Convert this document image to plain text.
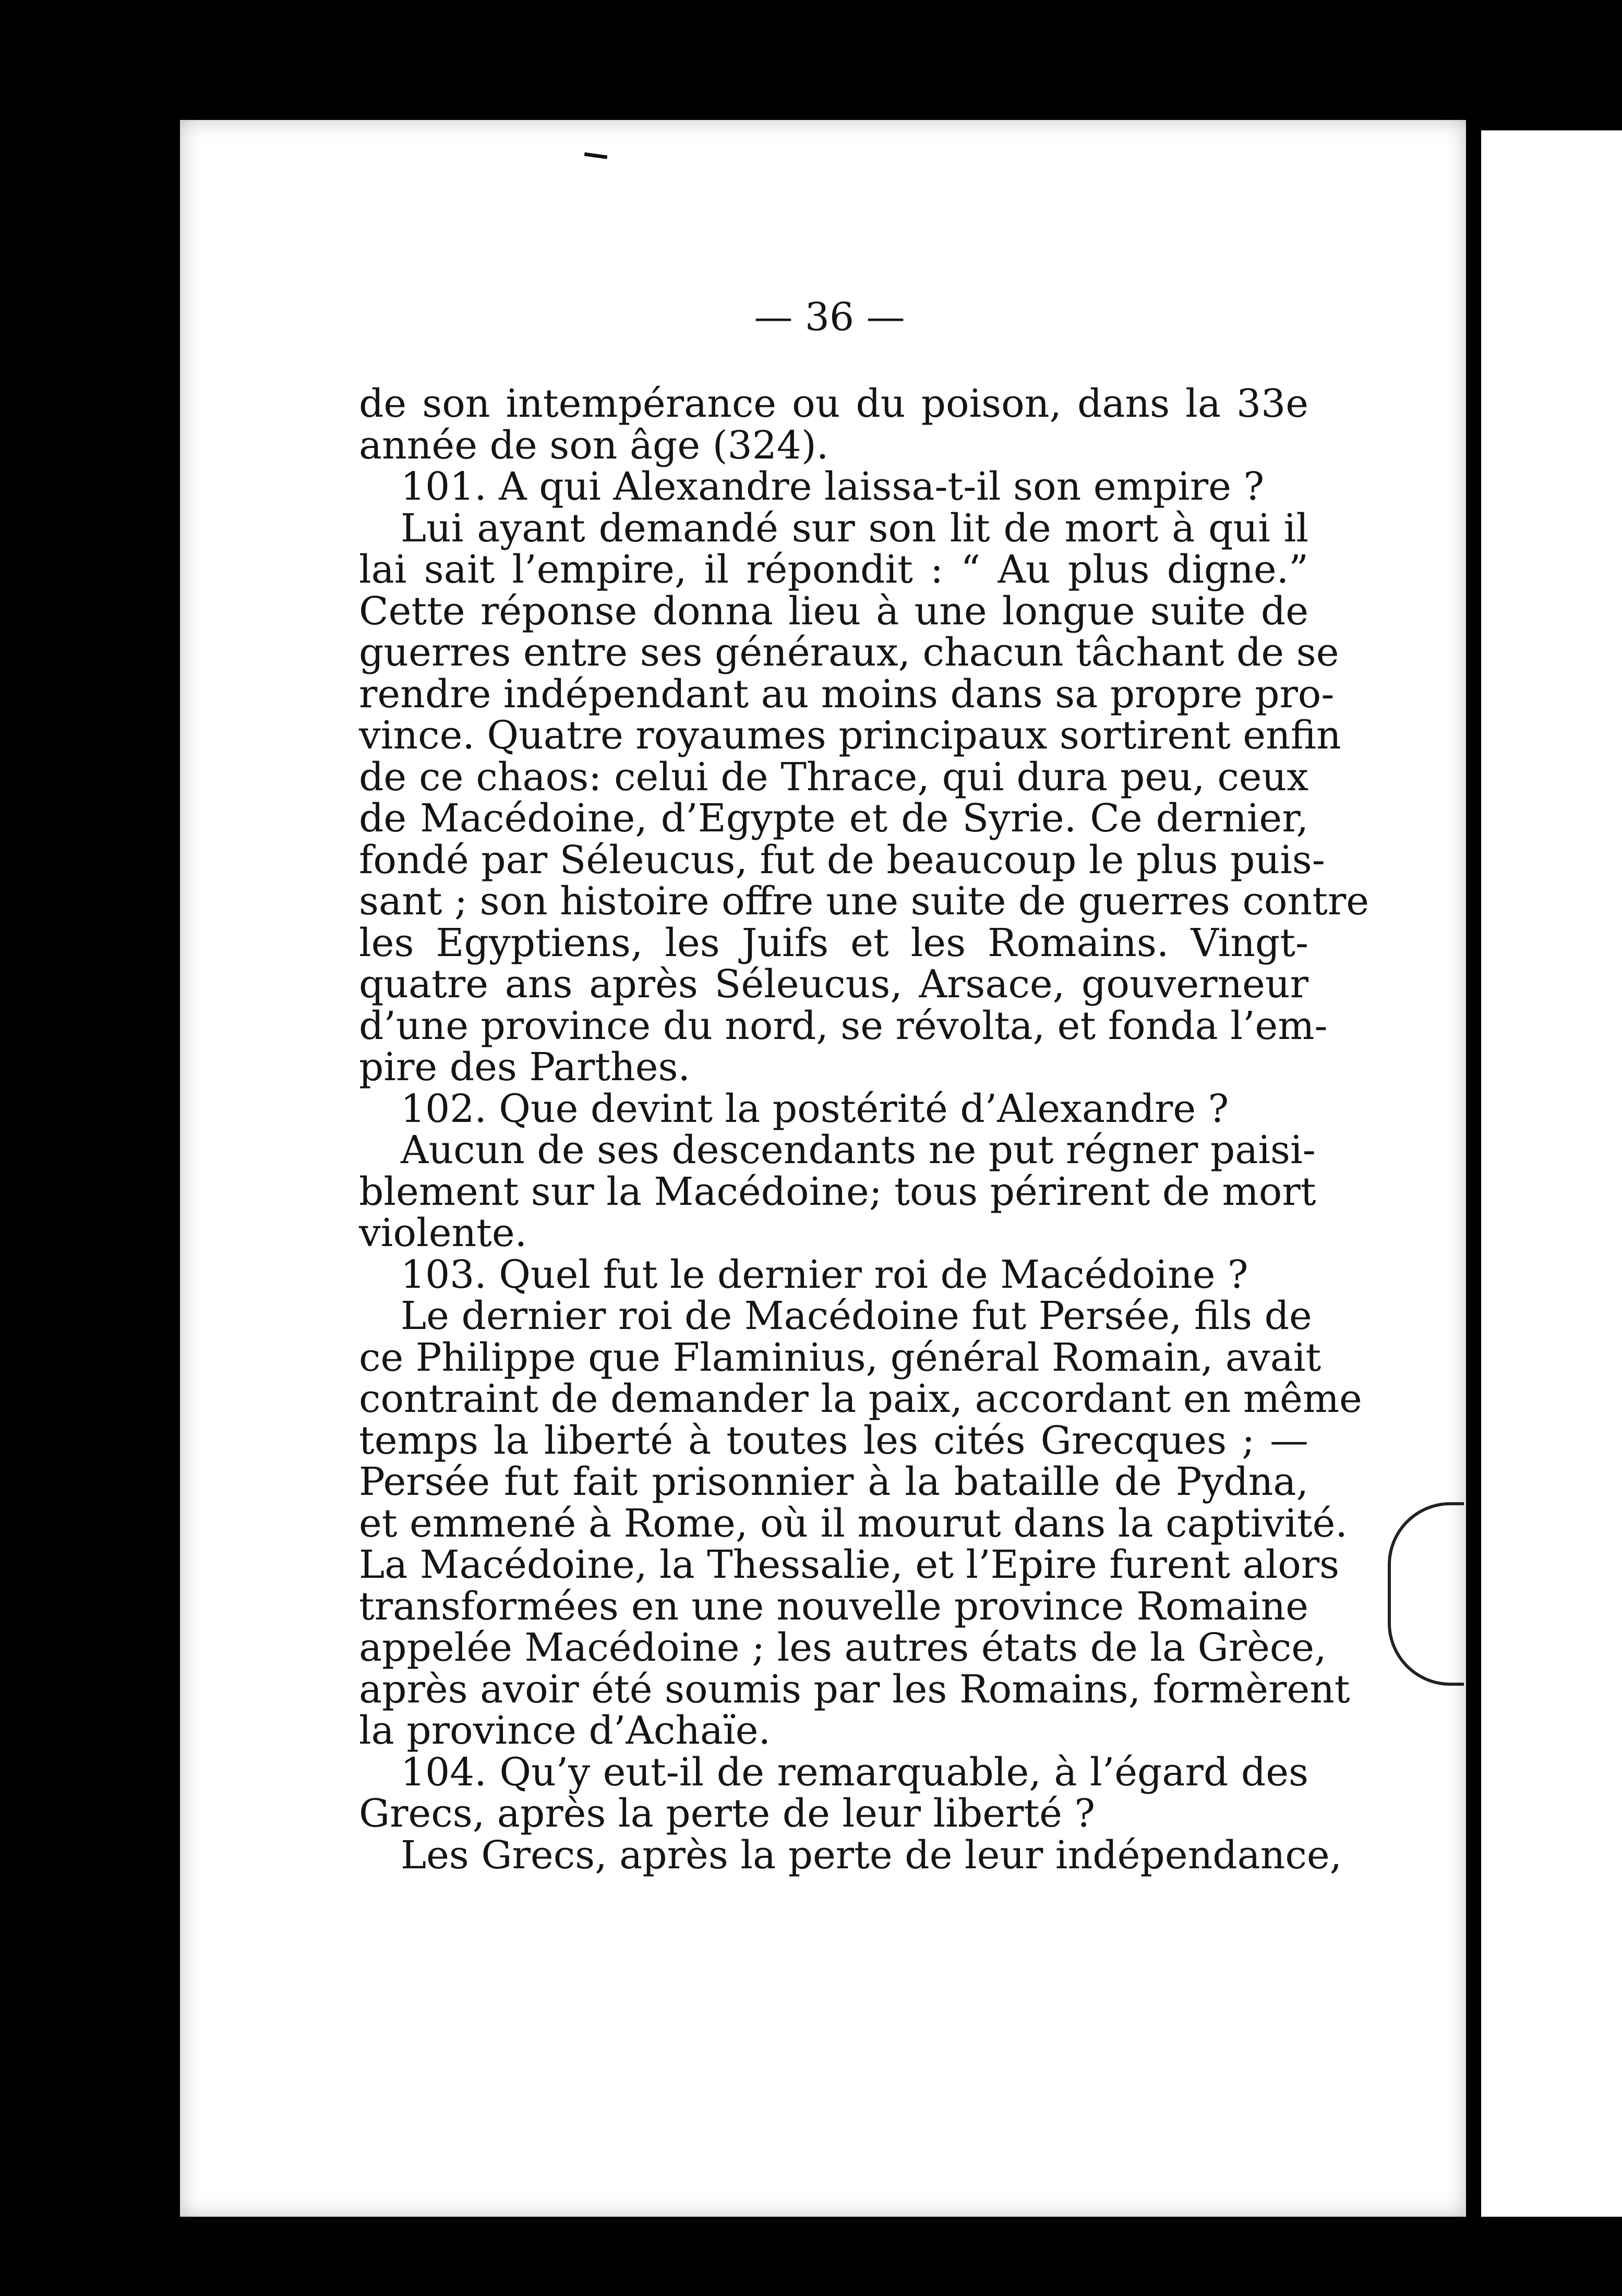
— 36 —
de son intempérance ou du poison, dans la 33e
année de son âge (324).
101. A qui Alexandre laissa-t-il son empire ?
Lui ayant demandé sur son lit de mort à qui il
lai sait l’empire, il répondit : “ Au plus digne.”
Cette réponse donna lieu à une longue suite de
guerres entre ses généraux, chacun tâchant de se
rendre indépendant au moins dans sa propre pro-
vince. Quatre royaumes principaux sortirent enfin
de ce chaos: celui de Thrace, qui dura peu, ceux
de Macédoine, d’Egypte et de Syrie. Ce dernier,
fondé par Séleucus, fut de beaucoup le plus puis-
sant ; son histoire offre une suite de guerres contre
les Egyptiens, les Juifs et les Romains. Vingt-
quatre ans après Séleucus, Arsace, gouverneur
d’une province du nord, se révolta, et fonda l’em-
pire des Parthes.
102. Que devint la postérité d’Alexandre ?
Aucun de ses descendants ne put régner paisi-
blement sur la Macédoine; tous périrent de mort
violente.
103. Quel fut le dernier roi de Macédoine ?
Le dernier roi de Macédoine fut Persée, fils de
ce Philippe que Flaminius, général Romain, avait
contraint de demander la paix, accordant en même
temps la liberté à toutes les cités Grecques ; —
Persée fut fait prisonnier à la bataille de Pydna,
et emmené à Rome, où il mourut dans la captivité.
La Macédoine, la Thessalie, et l’Epire furent alors
transformées en une nouvelle province Romaine
appelée Macédoine ; les autres états de la Grèce,
après avoir été soumis par les Romains, formèrent
la province d’Achaïe.
104. Qu’y eut-il de remarquable, à l’égard des
Grecs, après la perte de leur liberté ?
Les Grecs, après la perte de leur indépendance,
